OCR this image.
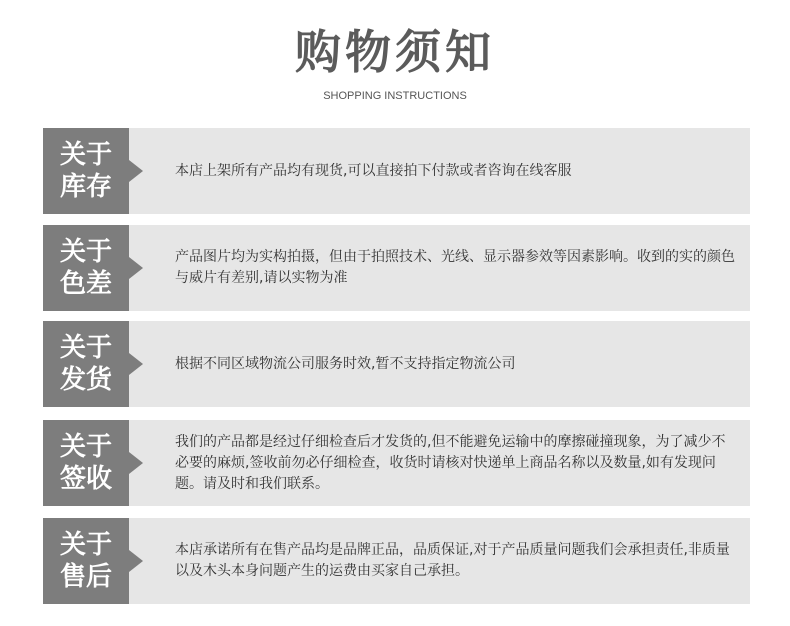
购物须知
SHOPPING INSTRUCTIONS
关于
库存
本店上架所有产品均有现货,可以直接拍下付款或者咨询在线客服
关于
色差
产品图片均为实构拍摄，但由于拍照技术、光线、显示器参效等因素影响。收到的实的颜色与威片有差别,请以实物为准
关于
发货
根据不同区域物流公司服务时效,暂不支持指定物流公司
关于
签收
我们的产品都是经过仔细检查后才发货的,但不能避免运输中的摩擦碰撞现象，为了减少不必要的麻烦,签收前勿必仔细检查，收货时请核对快递单上商品名称以及数量,如有发现问题。请及时和我们联系。
关于
售后
本店承诺所有在售产品均是品牌正品，品质保证,对于产品质量问题我们会承担责任,非质量以及木头本身问题产生的运费由买家自己承担。
